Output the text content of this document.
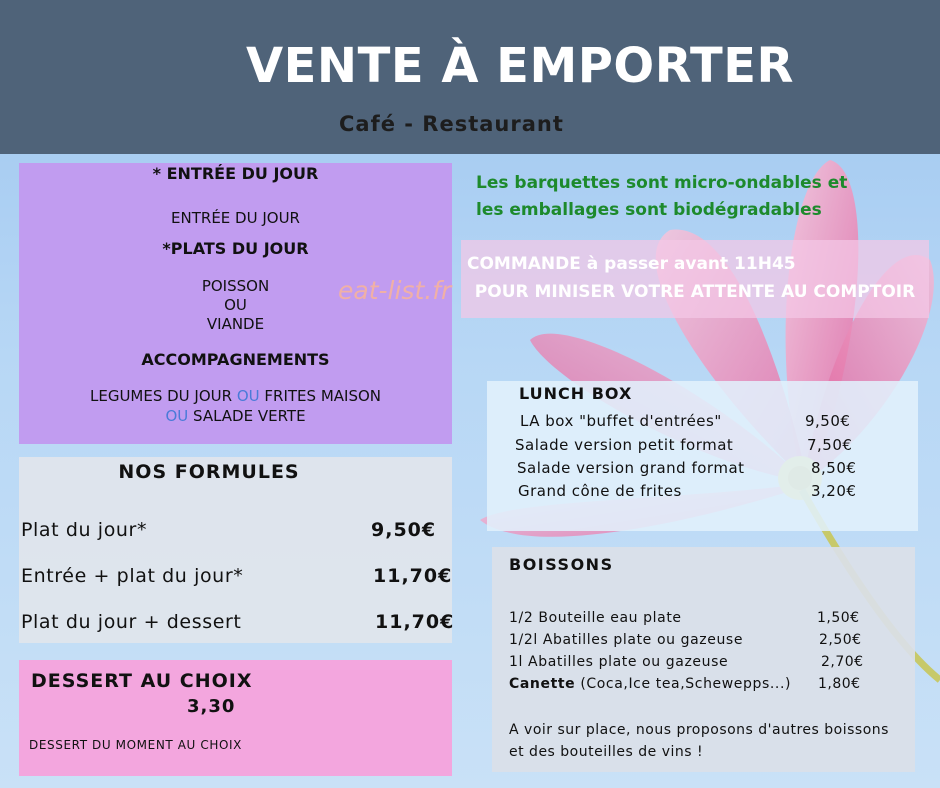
VENTE À EMPORTER
Café - Restaurant
* ENTRÉE DU JOUR
ENTRÉE DU JOUR
*PLATS DU JOUR
POISSON
OU
VIANDE
ACCOMPAGNEMENTS
LEGUMES DU JOUR OU FRITES MAISON
OU SALADE VERTE
NOS FORMULES
Plat du jour*	9,50€
Entrée + plat du jour*	11,70€
Plat du jour + dessert	11,70€
DESSERT AU CHOIX
3,30
DESSERT DU MOMENT AU CHOIX
Les barquettes sont micro-ondables et
les emballages sont biodégradables
COMMANDE à passer avant 11H45
POUR MINISER VOTRE ATTENTE AU COMPTOIR
eat-list.fr
LUNCH BOX
LA box "buffet d'entrées"	9,50€
Salade version petit format	7,50€
Salade version grand format	8,50€
Grand cône de frites	3,20€
BOISSONS
1/2 Bouteille eau plate	1,50€
1/2l Abatilles plate ou gazeuse	2,50€
1l Abatilles plate ou gazeuse	2,70€
Canette (Coca,Ice tea,Schewepps...) 1,80€
A voir sur place, nous proposons d'autres boissons et des bouteilles de vins !
